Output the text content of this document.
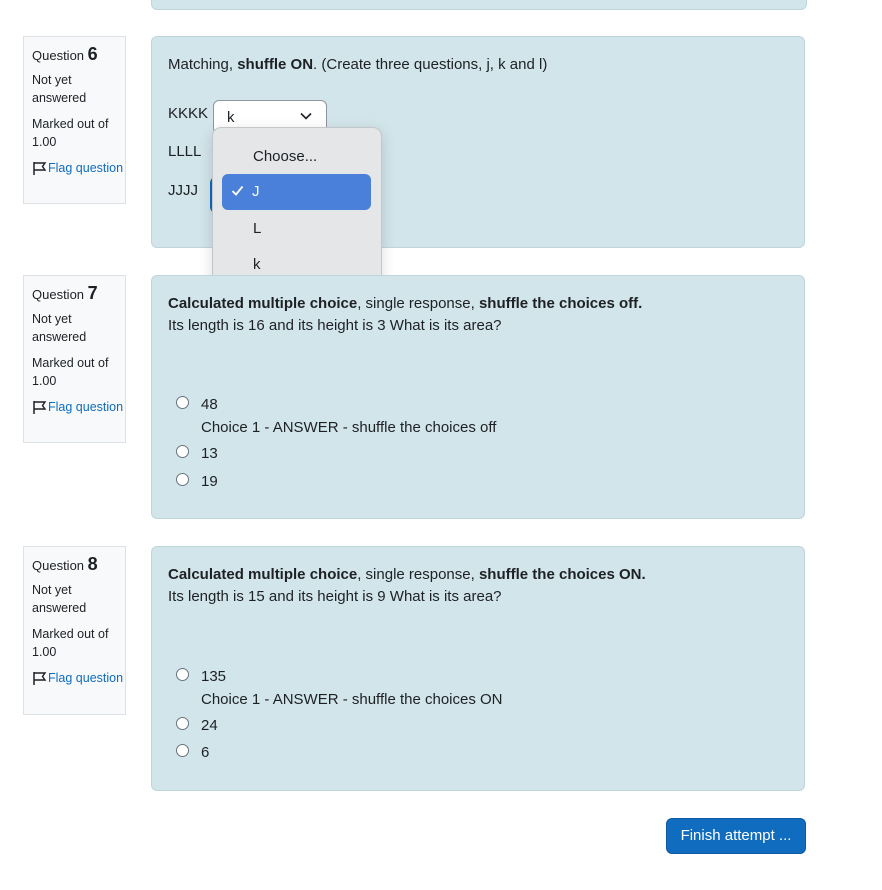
Question 6
Not yet answered
Marked out of 1.00
Flag question
Matching, shuffle ON. (Create three questions, j, k and l)
KKKK	k
LLLL
JJJJ
Choose...
J
L
k
Question 7
Not yet answered
Marked out of 1.00
Flag question
Calculated multiple choice, single response, shuffle the choices off.
Its length is 16 and its height is 3 What is its area?
48
Choice 1 - ANSWER - shuffle the choices off
13
19
Question 8
Not yet answered
Marked out of 1.00
Flag question
Calculated multiple choice, single response, shuffle the choices ON.
Its length is 15 and its height is 9 What is its area?
135
Choice 1 - ANSWER - shuffle the choices ON
24
6
Finish attempt ...
